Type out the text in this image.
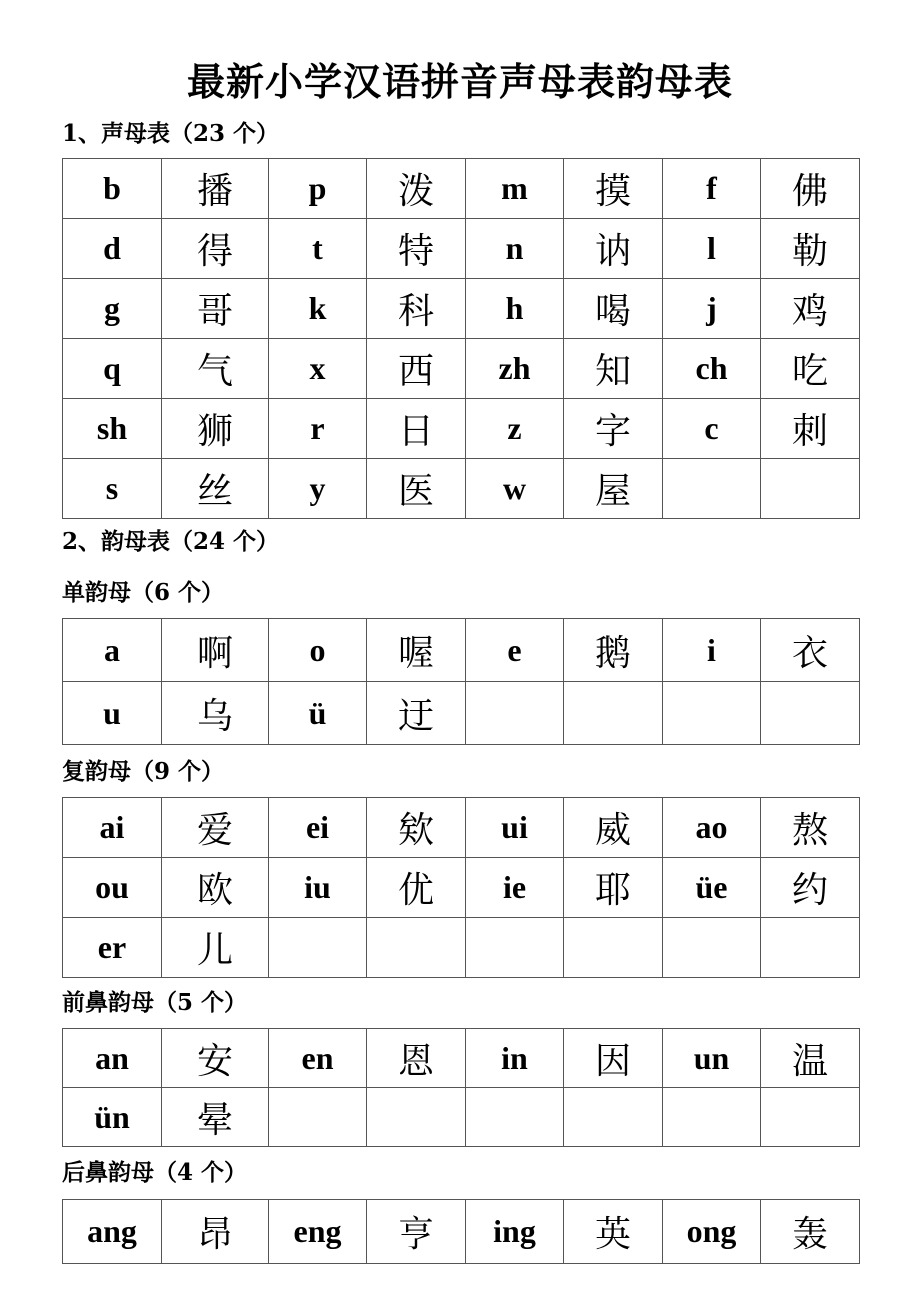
最新小学汉语拼音声母表韵母表
1、声母表（23 个）
b	播	p	泼	m	摸	f	佛
d	得	t	特	n	讷	l	勒
g	哥	k	科	h	喝	j	鸡
q	气	x	西	zh	知	ch	吃
sh	狮	r	日	z	字	c	刺
s	丝	y	医	w	屋		
2、韵母表（24 个）
单韵母（6 个）
a	啊	o	喔	e	鹅	i	衣
u	乌	ü	迂				
复韵母（9 个）
ai	爱	ei	欸	ui	威	ao	熬
ou	欧	iu	优	ie	耶	üe	约
er	儿						
前鼻韵母（5 个）
an	安	en	恩	in	因	un	温
ün	晕						
后鼻韵母（4 个）
ang	昂	eng	亨	ing	英	ong	轰
